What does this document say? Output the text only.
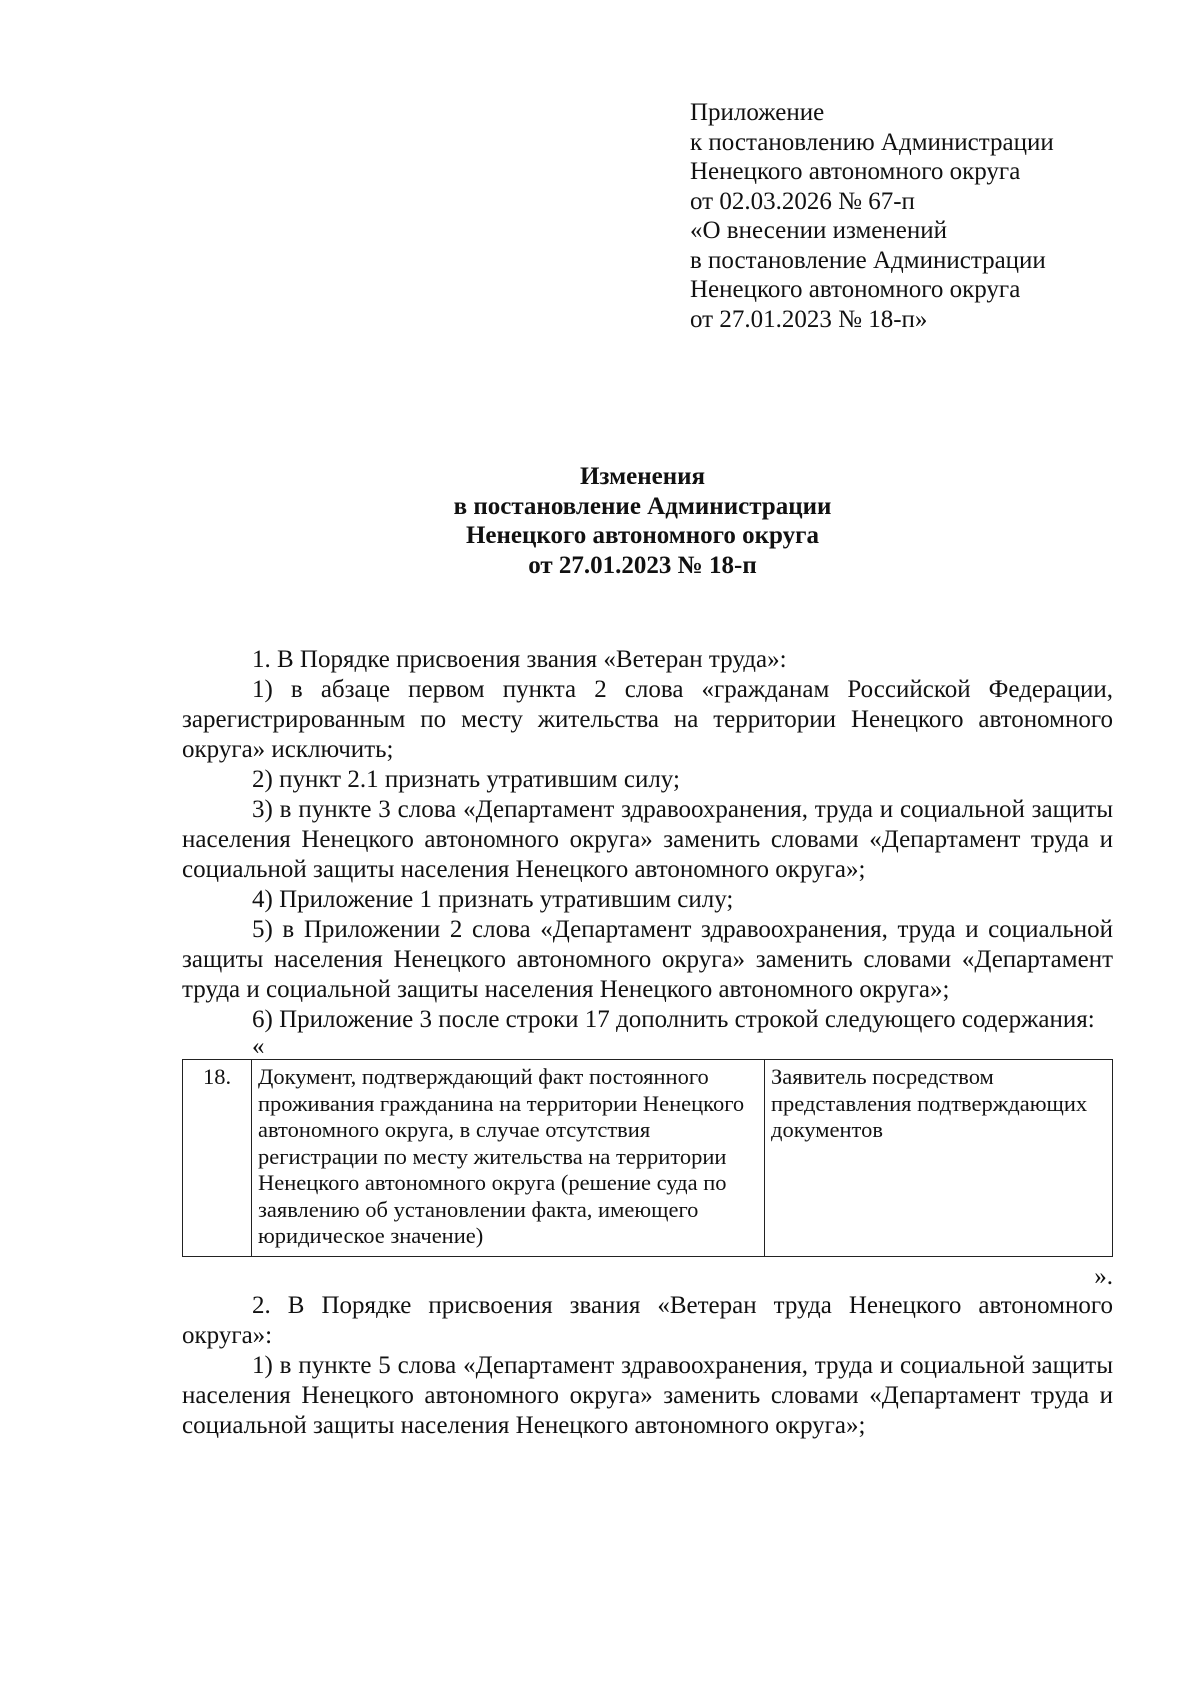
Приложение
к постановлению Администрации
Ненецкого автономного округа
от 02.03.2026 № 67-п
«О внесении изменений
в постановление Администрации
Ненецкого автономного округа
от 27.01.2023 № 18-п»
Изменения
в постановление Администрации
Ненецкого автономного округа
от 27.01.2023 № 18-п

1. В Порядке присвоения звания «Ветеран труда»:

1) в абзаце первом пункта 2 слова «гражданам Российской Федерации, зарегистрированным по месту жительства на территории Ненецкого автономного округа» исключить;

2) пункт 2.1 признать утратившим силу;

3) в пункте 3 слова «Департамент здравоохранения, труда и социальной защиты населения Ненецкого автономного округа» заменить словами «Департамент труда и социальной защиты населения Ненецкого автономного округа»;

4) Приложение 1 признать утратившим силу;

5) в Приложении 2 слова «Департамент здравоохранения, труда и социальной защиты населения Ненецкого автономного округа» заменить словами «Департамент труда и социальной защиты населения Ненецкого автономного округа»;

6) Приложение 3 после строки 17 дополнить строкой следующего содержания:

«
18.	Документ, подтверждающий факт постоянного проживания гражданина на территории Ненецкого автономного округа, в случае отсутствия регистрации по месту жительства на территории Ненецкого автономного округа (решение суда по заявлению об установлении факта, имеющего юридическое значение)	Заявитель посредством представления подтверждающих документов
».

2. В Порядке присвоения звания «Ветеран труда Ненецкого автономного округа»:

1) в пункте 5 слова «Департамент здравоохранения, труда и социальной защиты населения Ненецкого автономного округа» заменить словами «Департамент труда и социальной защиты населения Ненецкого автономного округа»;
